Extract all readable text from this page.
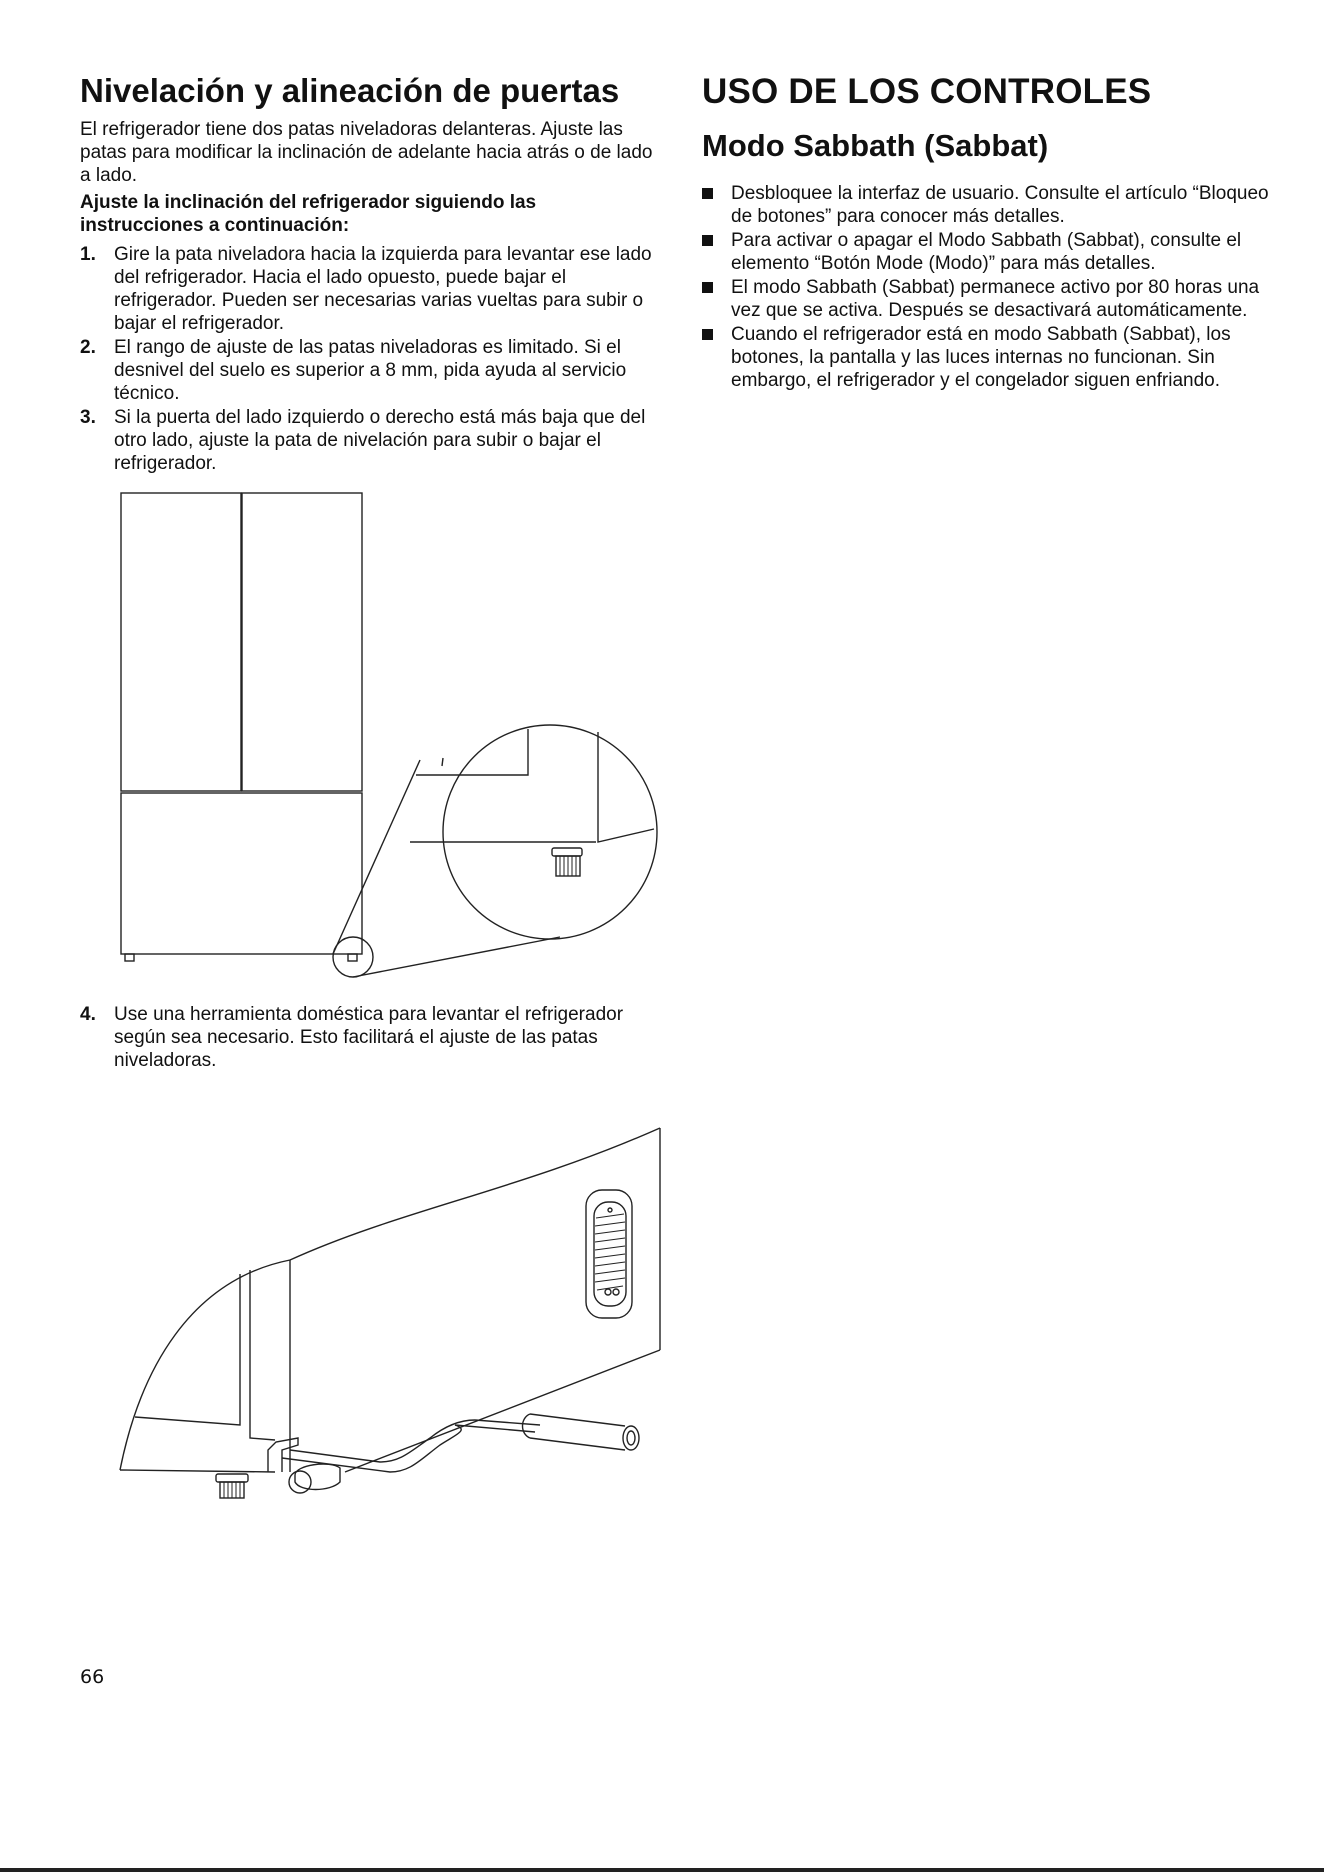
Nivelación y alineación de puertas

El refrigerador tiene dos patas niveladoras delanteras. Ajuste las patas para modificar la inclinación de adelante hacia atrás o de lado a lado.

Ajuste la inclinación del refrigerador siguiendo las instrucciones a continuación:

1. Gire la pata niveladora hacia la izquierda para levantar ese lado del refrigerador. Hacia el lado opuesto, puede bajar el refrigerador. Pueden ser necesarias varias vueltas para subir o bajar el refrigerador.
2. El rango de ajuste de las patas niveladoras es limitado. Si el desnivel del suelo es superior a 8 mm, pida ayuda al servicio técnico.
3. Si la puerta del lado izquierdo o derecho está más baja que del otro lado, ajuste la pata de nivelación para subir o bajar el refrigerador.
4. Use una herramienta doméstica para levantar el refrigerador según sea necesario. Esto facilitará el ajuste de las patas niveladoras.
USO DE LOS CONTROLES
Modo Sabbath (Sabbat)
Desbloquee la interfaz de usuario. Consulte el artículo “Bloqueo de botones” para conocer más detalles.
Para activar o apagar el Modo Sabbath (Sabbat), consulte el elemento “Botón Mode (Modo)” para más detalles.
El modo Sabbath (Sabbat) permanece activo por 80 horas una vez que se activa. Después se desactivará automáticamente.
Cuando el refrigerador está en modo Sabbath (Sabbat), los botones, la pantalla y las luces internas no funcionan. Sin embargo, el refrigerador y el congelador siguen enfriando.
66
